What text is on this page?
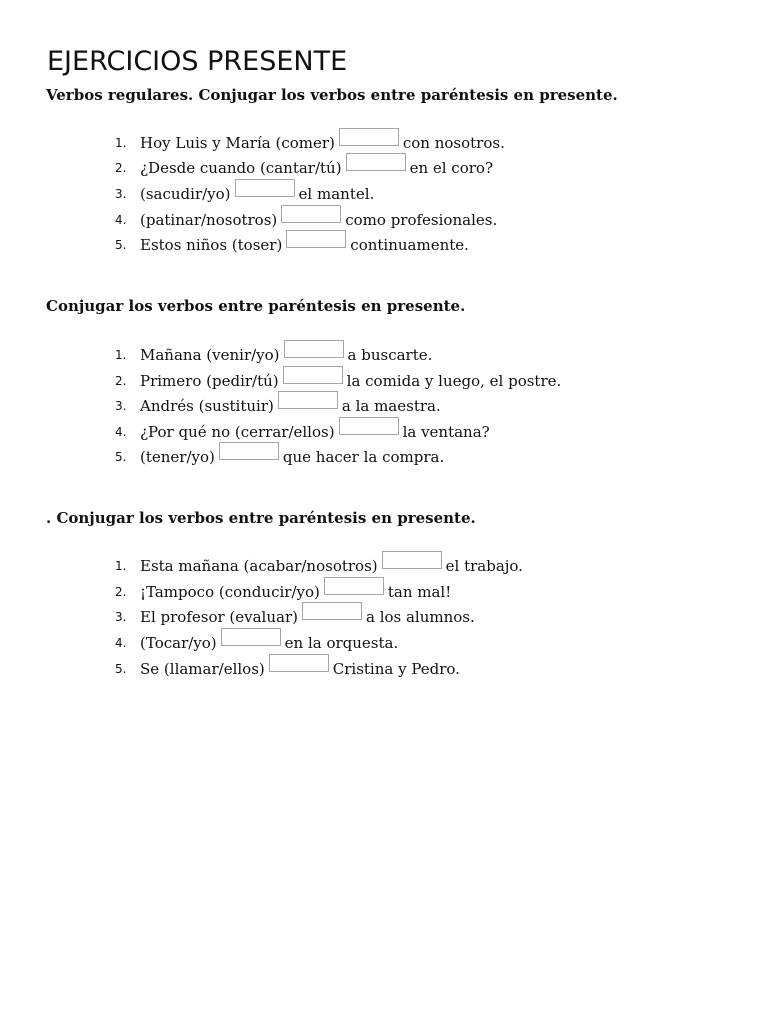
EJERCICIOS PRESENTE
Verbos regulares. Conjugar los verbos entre paréntesis en presente.
1. Hoy Luis y María (comer)	con nosotros.
2. ¿Desde cuando (cantar/tú)	en el coro?
3. (sacudir/yo)	el mantel.
4. (patinar/nosotros)	como profesionales.
5. Estos niños (toser)	continuamente.
Conjugar los verbos entre paréntesis en presente.
1. Mañana (venir/yo)	a buscarte.
2. Primero (pedir/tú)	la comida y luego, el postre.
3. Andrés (sustituir)	a la maestra.
4. ¿Por qué no (cerrar/ellos)	la ventana?
5. (tener/yo)	que hacer la compra.
. Conjugar los verbos entre paréntesis en presente.
1. Esta mañana (acabar/nosotros)	el trabajo.
2. ¡Tampoco (conducir/yo)	tan mal!
3. El profesor (evaluar)	a los alumnos.
4. (Tocar/yo)	en la orquesta.
5. Se (llamar/ellos)	Cristina y Pedro.
